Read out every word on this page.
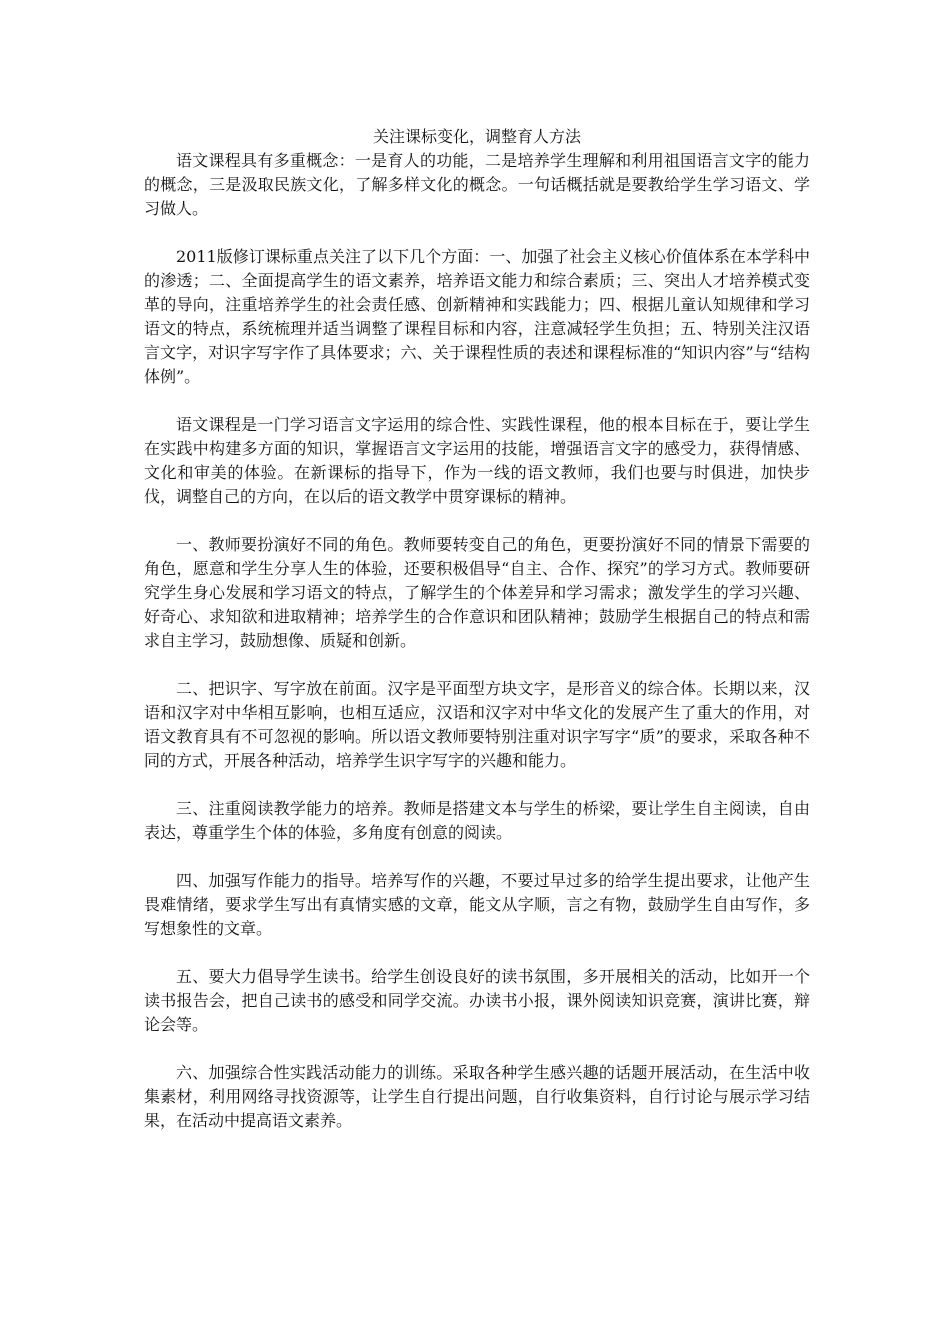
关注课标变化，调整育人方法

语文课程具有多重概念：一是育人的功能，二是培养学生理解和利用祖国语言文字的能力的概念，三是汲取民族文化，了解多样文化的概念。一句话概括就是要教给学生学习语文、学习做人。

2011版修订课标重点关注了以下几个方面：一、加强了社会主义核心价值体系在本学科中的渗透；二、全面提高学生的语文素养，培养语文能力和综合素质；三、突出人才培养模式变革的导向，注重培养学生的社会责任感、创新精神和实践能力；四、根据儿童认知规律和学习语文的特点，系统梳理并适当调整了课程目标和内容，注意减轻学生负担；五、特别关注汉语言文字，对识字写字作了具体要求；六、关于课程性质的表述和课程标准的“知识内容”与“结构体例”。

语文课程是一门学习语言文字运用的综合性、实践性课程，他的根本目标在于，要让学生在实践中构建多方面的知识，掌握语言文字运用的技能，增强语言文字的感受力，获得情感、文化和审美的体验。在新课标的指导下，作为一线的语文教师，我们也要与时俱进，加快步伐，调整自己的方向，在以后的语文教学中贯穿课标的精神。

一、教师要扮演好不同的角色。教师要转变自己的角色，更要扮演好不同的情景下需要的角色，愿意和学生分享人生的体验，还要积极倡导“自主、合作、探究”的学习方式。教师要研究学生身心发展和学习语文的特点，了解学生的个体差异和学习需求；激发学生的学习兴趣、好奇心、求知欲和进取精神；培养学生的合作意识和团队精神；鼓励学生根据自己的特点和需求自主学习，鼓励想像、质疑和创新。

二、把识字、写字放在前面。汉字是平面型方块文字，是形音义的综合体。长期以来，汉语和汉字对中华相互影响，也相互适应，汉语和汉字对中华文化的发展产生了重大的作用，对语文教育具有不可忽视的影响。所以语文教师要特别注重对识字写字“质”的要求，采取各种不同的方式，开展各种活动，培养学生识字写字的兴趣和能力。

三、注重阅读教学能力的培养。教师是搭建文本与学生的桥梁，要让学生自主阅读，自由表达，尊重学生个体的体验，多角度有创意的阅读。

四、加强写作能力的指导。培养写作的兴趣，不要过早过多的给学生提出要求，让他产生畏难情绪，要求学生写出有真情实感的文章，能文从字顺，言之有物，鼓励学生自由写作，多写想象性的文章。

五、要大力倡导学生读书。给学生创设良好的读书氛围，多开展相关的活动，比如开一个读书报告会，把自己读书的感受和同学交流。办读书小报，课外阅读知识竞赛，演讲比赛，辩论会等。

六、加强综合性实践活动能力的训练。采取各种学生感兴趣的话题开展活动，在生活中收集素材，利用网络寻找资源等，让学生自行提出问题，自行收集资料，自行讨论与展示学习结果，在活动中提高语文素养。
